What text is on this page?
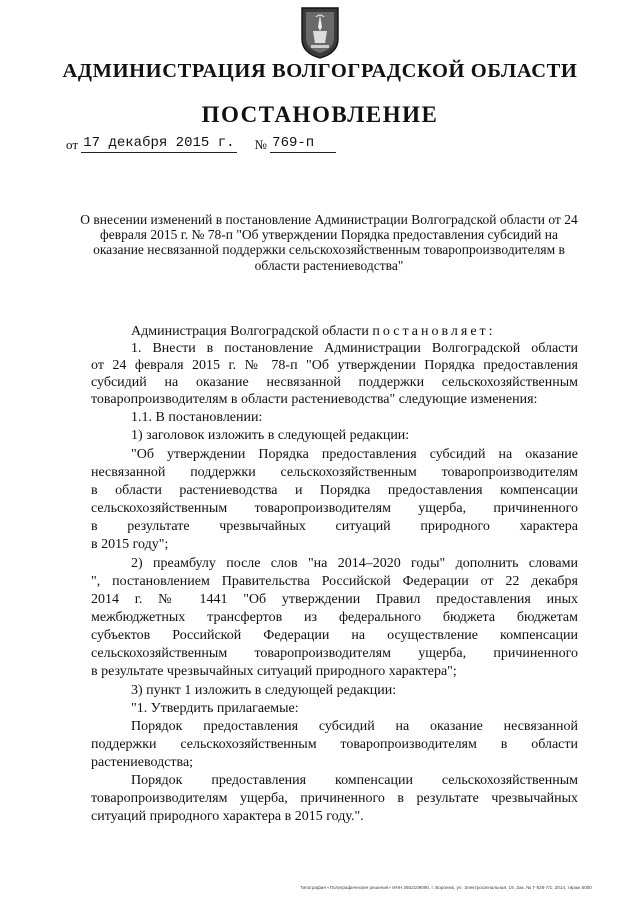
АДМИНИСТРАЦИЯ ВОЛГОГРАДСКОЙ ОБЛАСТИ
ПОСТАНОВЛЕНИЕ
от 17 декабря 2015 г. № 769-п
О внесении изменений в постановление Администрации Волгоградской области от 24 февраля 2015 г. № 78-п "Об утверждении Порядка предоставления субсидий на оказание несвязанной поддержки сельскохозяйственным товаропроизводителям в области растениеводства"

Администрация Волгоградской области постановляет:

1. Внести в постановление Администрации Волгоградской области

от 24 февраля 2015 г. № 78-п "Об утверждении Порядка предоставления

субсидий на оказание несвязанной поддержки сельскохозяйственным

товаропроизводителям в области растениеводства" следующие изменения:

1.1. В постановлении:

1) заголовок изложить в следующей редакции:

"Об утверждении Порядка предоставления субсидий на оказание

несвязанной поддержки сельскохозяйственным товаропроизводителям

в области растениеводства и Порядка предоставления компенсации

сельскохозяйственным товаропроизводителям ущерба, причиненного

в результате чрезвычайных ситуаций природного характера

в 2015 году";

2) преамбулу после слов "на 2014–2020 годы" дополнить словами

", постановлением Правительства Российской Федерации от 22 декабря

2014 г. № 1441 "Об утверждении Правил предоставления иных

межбюджетных трансфертов из федерального бюджета бюджетам

субъектов Российской Федерации на осуществление компенсации

сельскохозяйственным товаропроизводителям ущерба, причиненного

в результате чрезвычайных ситуаций природного характера";

3) пункт 1 изложить в следующей редакции:

"1. Утвердить прилагаемые:

Порядок предоставления субсидий на оказание несвязанной

поддержки сельскохозяйственным товаропроизводителям в области

растениеводства;

Порядок предоставления компенсации сельскохозяйственным

товаропроизводителям ущерба, причиненного в результате чрезвычайных

ситуаций природного характера в 2015 году.".

Типография «Полиграфические решения» ИНН 3662109090, г. Воронеж, ул. Электросигнальная, 19, Зак. № Т-528-7/1, 2014, тираж 5000
